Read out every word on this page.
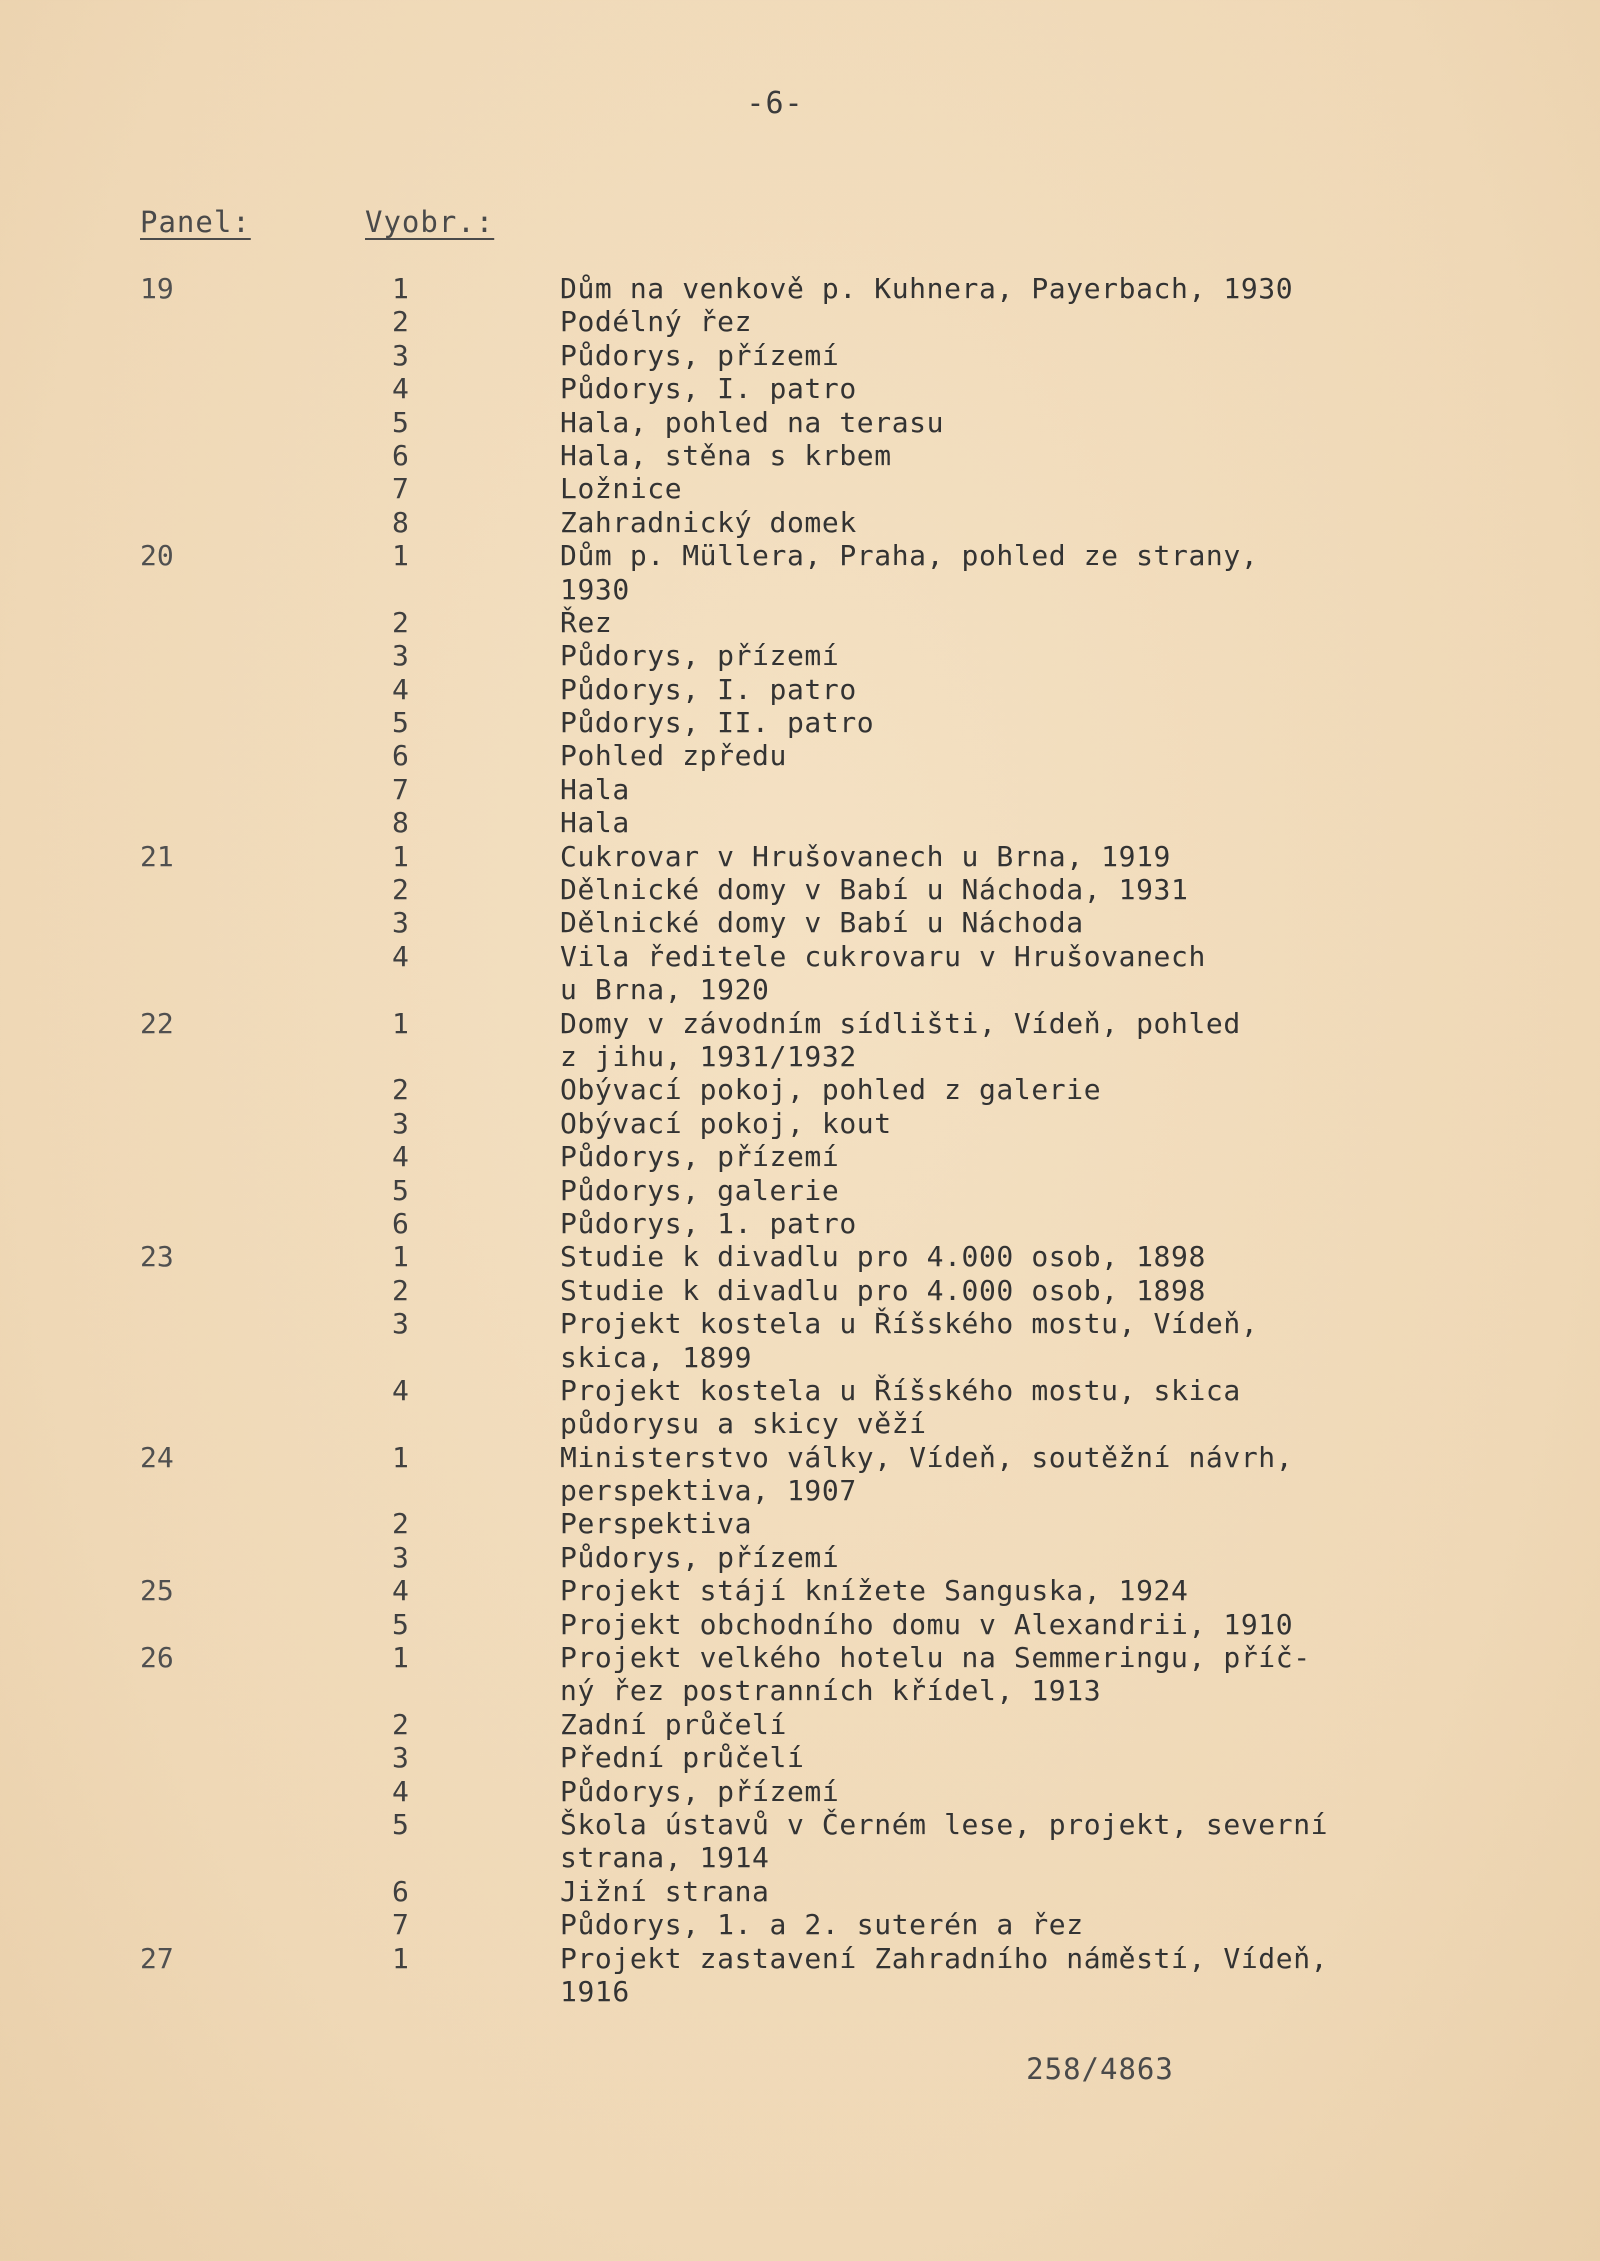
-6-
Panel:	Vyobr.:
19	1	Dům na venkově p. Kuhnera, Payerbach, 1930
2	Podélný řez
3	Půdorys, přízemí
4	Půdorys, I. patro
5	Hala, pohled na terasu
6	Hala, stěna s krbem
7	Ložnice
8	Zahradnický domek
20	1	Dům p. Müllera, Praha, pohled ze strany,
1930
2	Řez
3	Půdorys, přízemí
4	Půdorys, I. patro
5	Půdorys, II. patro
6	Pohled zpředu
7	Hala
8	Hala
21	1	Cukrovar v Hrušovanech u Brna, 1919
2	Dělnické domy v Babí u Náchoda, 1931
3	Dělnické domy v Babí u Náchoda
4	Vila ředitele cukrovaru v Hrušovanech
u Brna, 1920
22	1	Domy v závodním sídlišti, Vídeň, pohled
z jihu, 1931/1932
2	Obývací pokoj, pohled z galerie
3	Obývací pokoj, kout
4	Půdorys, přízemí
5	Půdorys, galerie
6	Půdorys, 1. patro
23	1	Studie k divadlu pro 4.000 osob, 1898
2	Studie k divadlu pro 4.000 osob, 1898
3	Projekt kostela u Říšského mostu, Vídeň,
skica, 1899
4	Projekt kostela u Říšského mostu, skica
půdorysu a skicy věží
24	1	Ministerstvo války, Vídeň, soutěžní návrh,
perspektiva, 1907
2	Perspektiva
3	Půdorys, přízemí
25	4	Projekt stájí knížete Sanguska, 1924
5	Projekt obchodního domu v Alexandrii, 1910
26	1	Projekt velkého hotelu na Semmeringu, příč-
ný řez postranních křídel, 1913
2	Zadní průčelí
3	Přední průčelí
4	Půdorys, přízemí
5	Škola ústavů v Černém lese, projekt, severní
strana, 1914
6	Jižní strana
7	Půdorys, 1. a 2. suterén a řez
27	1	Projekt zastavení Zahradního náměstí, Vídeň,
1916
258/4863
